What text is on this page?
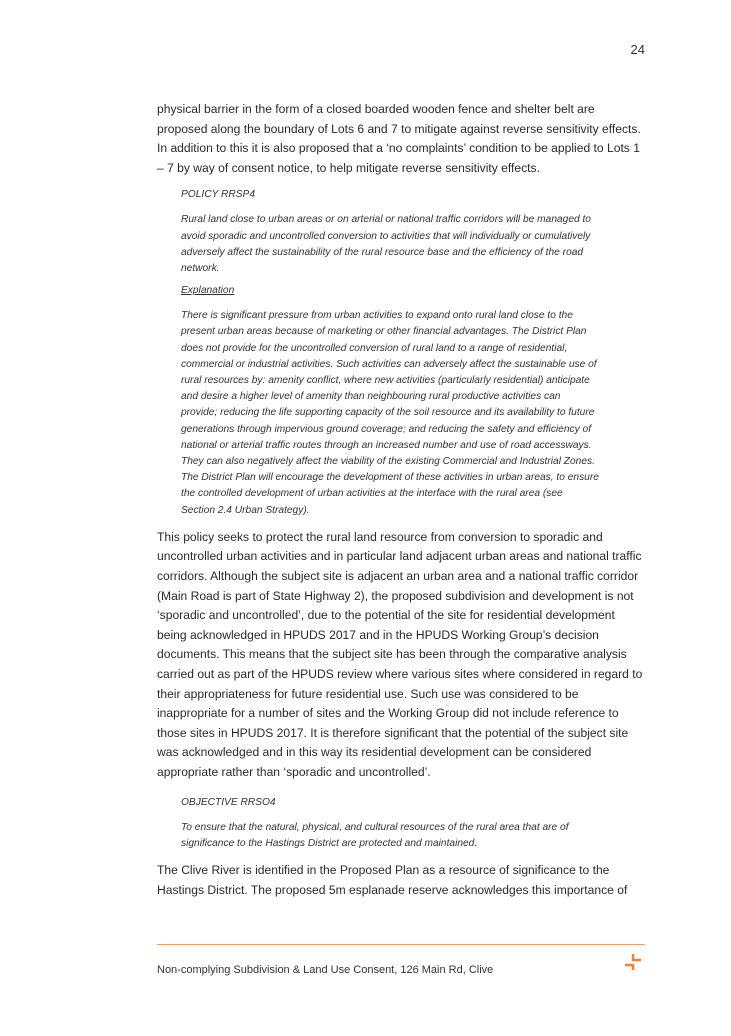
24

physical barrier in the form of a closed boarded wooden fence and shelter belt are proposed along the boundary of Lots 6 and 7 to mitigate against reverse sensitivity effects. In addition to this it is also proposed that a ‘no complaints’ condition to be applied to Lots 1 – 7 by way of consent notice, to help mitigate reverse sensitivity effects.

POLICY RRSP4

Rural land close to urban areas or on arterial or national traffic corridors will be managed to avoid sporadic and uncontrolled conversion to activities that will individually or cumulatively adversely affect the sustainability of the rural resource base and the efficiency of the road network.

Explanation

There is significant pressure from urban activities to expand onto rural land close to the present urban areas because of marketing or other financial advantages. The District Plan does not provide for the uncontrolled conversion of rural land to a range of residential, commercial or industrial activities. Such activities can adversely affect the sustainable use of rural resources by: amenity conflict, where new activities (particularly residential) anticipate and desire a higher level of amenity than neighbouring rural productive activities can provide; reducing the life supporting capacity of the soil resource and its availability to future generations through impervious ground coverage; and reducing the safety and efficiency of national or arterial traffic routes through an increased number and use of road accessways. They can also negatively affect the viability of the existing Commercial and Industrial Zones. The District Plan will encourage the development of these activities in urban areas, to ensure the controlled development of urban activities at the interface with the rural area (see Section 2.4 Urban Strategy).

This policy seeks to protect the rural land resource from conversion to sporadic and uncontrolled urban activities and in particular land adjacent urban areas and national traffic corridors. Although the subject site is adjacent an urban area and a national traffic corridor (Main Road is part of State Highway 2), the proposed subdivision and development is not ‘sporadic and uncontrolled’, due to the potential of the site for residential development being acknowledged in HPUDS 2017 and in the HPUDS Working Group’s decision documents. This means that the subject site has been through the comparative analysis carried out as part of the HPUDS review where various sites where considered in regard to their appropriateness for future residential use. Such use was considered to be inappropriate for a number of sites and the Working Group did not include reference to those sites in HPUDS 2017. It is therefore significant that the potential of the subject site was acknowledged and in this way its residential development can be considered appropriate rather than ‘sporadic and uncontrolled’.

OBJECTIVE RRSO4

To ensure that the natural, physical, and cultural resources of the rural area that are of significance to the Hastings District are protected and maintained.

The Clive River is identified in the Proposed Plan as a resource of significance to the Hastings District. The proposed 5m esplanade reserve acknowledges this importance of

Non-complying Subdivision & Land Use Consent, 126 Main Rd, Clive
